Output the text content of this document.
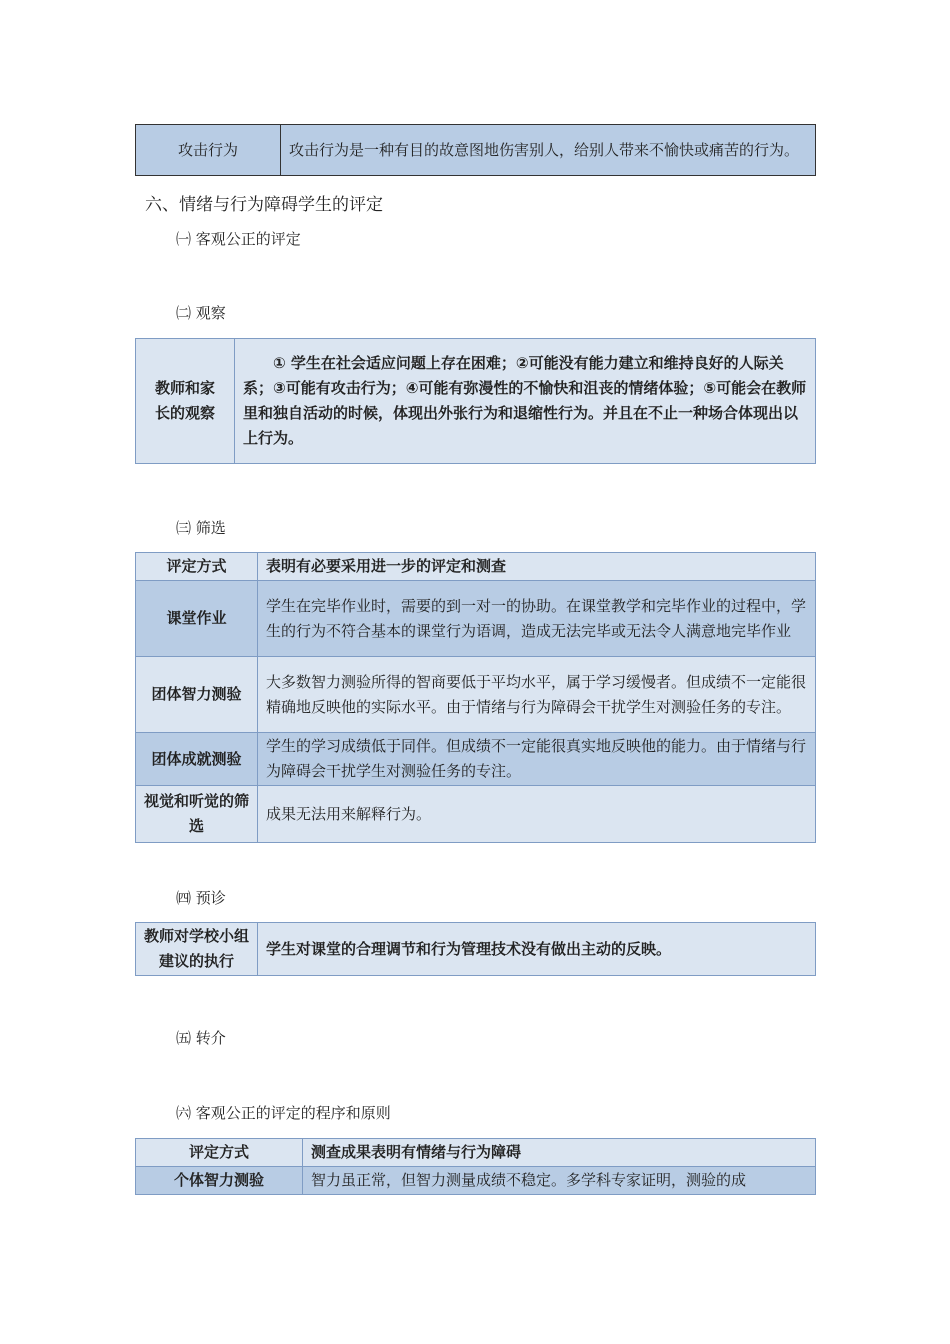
攻击行为	攻击行为是一种有目的故意图地伤害别人，给别人带来不愉快或痛苦的行为。
六、情绪与行为障碍学生的评定
㈠ 客观公正的评定
㈡ 观察
教师和家长的观察	① 学生在社会适应问题上存在困难；②可能没有能力建立和维持良好的人际关系；③可能有攻击行为；④可能有弥漫性的不愉快和沮丧的情绪体验；⑤可能会在教师里和独自活动的时候，体现出外张行为和退缩性行为。并且在不止一种场合体现出以上行为。
㈢ 筛选
评定方式	表明有必要采用进一步的评定和测查
课堂作业	学生在完毕作业时，需要的到一对一的协助。在课堂教学和完毕作业的过程中，学生的行为不符合基本的课堂行为语调，造成无法完毕或无法令人满意地完毕作业
团体智力测验	大多数智力测验所得的智商要低于平均水平，属于学习缓慢者。但成绩不一定能很精确地反映他的实际水平。由于情绪与行为障碍会干扰学生对测验任务的专注。
团体成就测验	学生的学习成绩低于同伴。但成绩不一定能很真实地反映他的能力。由于情绪与行为障碍会干扰学生对测验任务的专注。
视觉和听觉的筛选	成果无法用来解释行为。
㈣ 预诊
教师对学校小组建议的执行	学生对课堂的合理调节和行为管理技术没有做出主动的反映。
㈤ 转介
㈥ 客观公正的评定的程序和原则
评定方式	测查成果表明有情绪与行为障碍
个体智力测验	智力虽正常，但智力测量成绩不稳定。多学科专家证明，测验的成
